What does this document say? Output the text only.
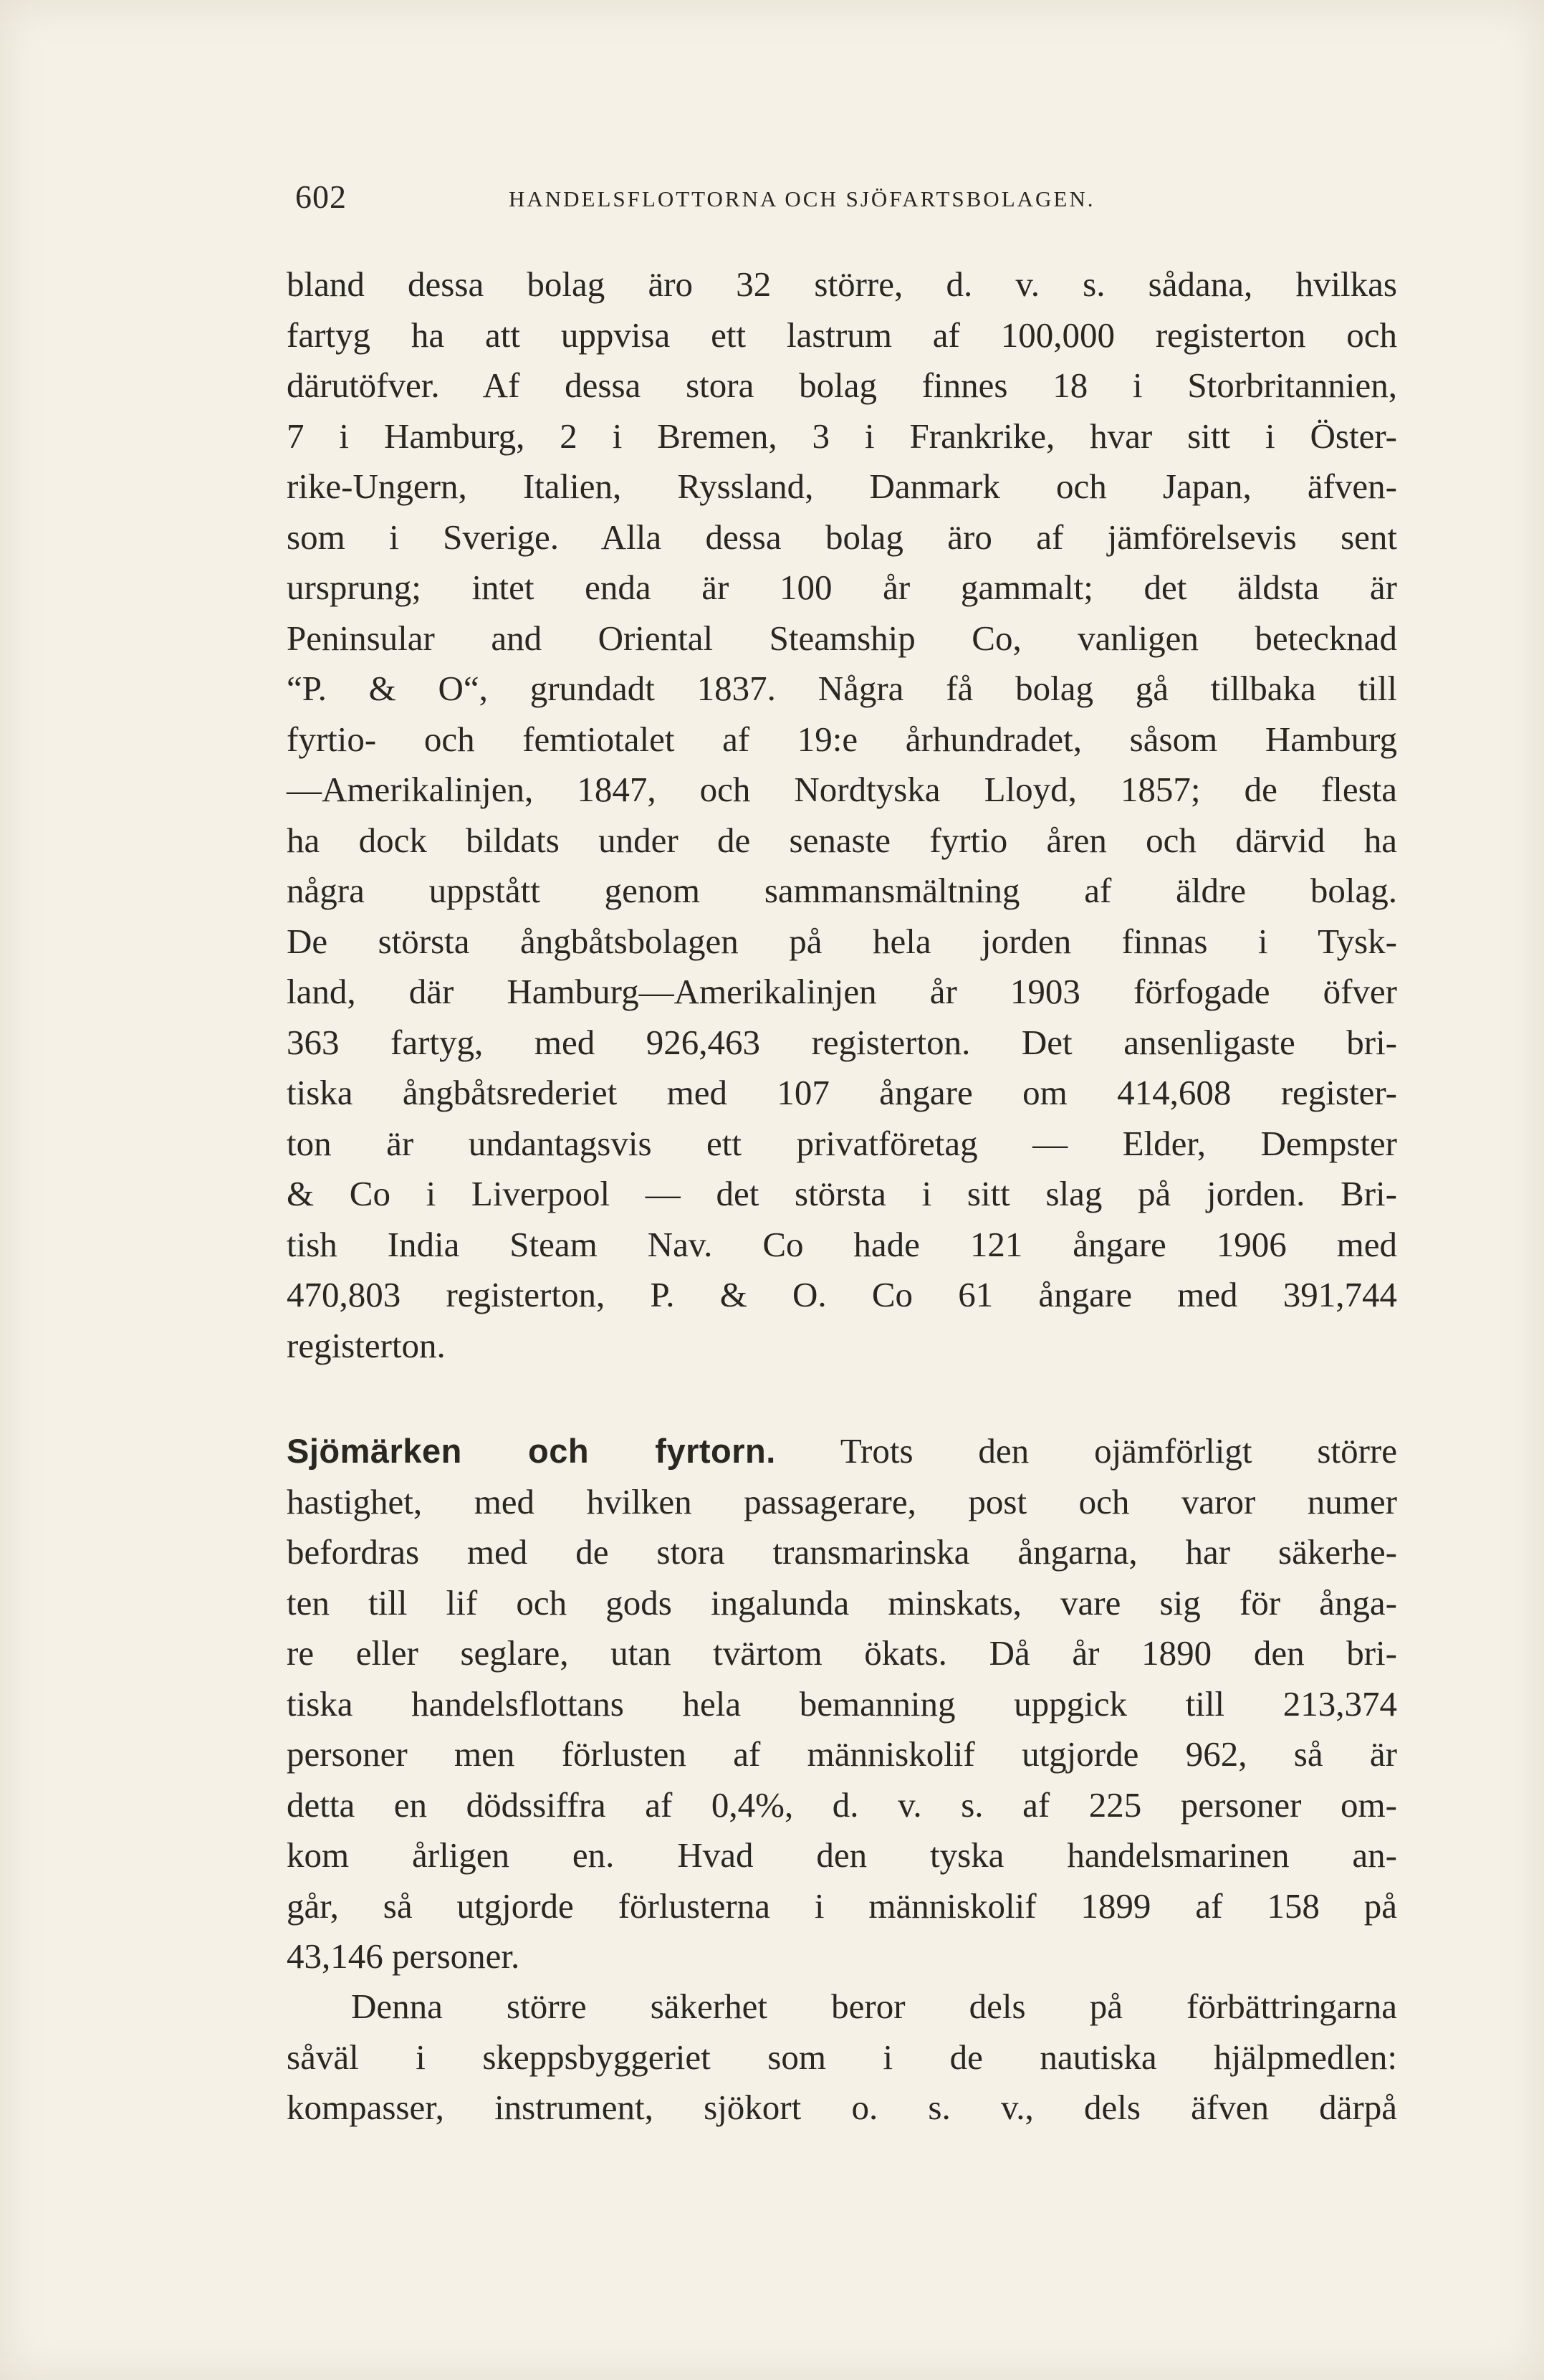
602	HANDELSFLOTTORNA OCH SJÖFARTSBOLAGEN.
bland dessa bolag äro 32 större, d. v. s. sådana, hvilkas
fartyg ha att uppvisa ett lastrum af 100,000 registerton och
därutöfver. Af dessa stora bolag finnes 18 i Storbritannien,
7 i Hamburg, 2 i Bremen, 3 i Frankrike, hvar sitt i Öster-
rike-Ungern, Italien, Ryssland, Danmark och Japan, äfven-
som i Sverige. Alla dessa bolag äro af jämförelsevis sent
ursprung; intet enda är 100 år gammalt; det äldsta är
Peninsular and Oriental Steamship Co, vanligen betecknad
“P. & O“, grundadt 1837. Några få bolag gå tillbaka till
fyrtio- och femtiotalet af 19:e århundradet, såsom Hamburg
—Amerikalinjen, 1847, och Nordtyska Lloyd, 1857; de flesta
ha dock bildats under de senaste fyrtio åren och därvid ha
några uppstått genom sammansmältning af äldre bolag.
De största ångbåtsbolagen på hela jorden finnas i Tysk-
land, där Hamburg—Amerikalinjen år 1903 förfogade öfver
363 fartyg, med 926,463 registerton. Det ansenligaste bri-
tiska ångbåtsrederiet med 107 ångare om 414,608 register-
ton är undantagsvis ett privatföretag — Elder, Dempster
& Co i Liverpool — det största i sitt slag på jorden. Bri-
tish India Steam Nav. Co hade 121 ångare 1906 med
470,803 registerton, P. & O. Co 61 ångare med 391,744
registerton.
Sjömärken och fyrtorn. Trots den ojämförligt större
hastighet, med hvilken passagerare, post och varor numer
befordras med de stora transmarinska ångarna, har säkerhe-
ten till lif och gods ingalunda minskats, vare sig för ånga-
re eller seglare, utan tvärtom ökats. Då år 1890 den bri-
tiska handelsflottans hela bemanning uppgick till 213,374
personer men förlusten af människolif utgjorde 962, så är
detta en dödssiffra af 0,4%, d. v. s. af 225 personer om-
kom årligen en. Hvad den tyska handelsmarinen an-
går, så utgjorde förlusterna i människolif 1899 af 158 på
43,146 personer.
Denna större säkerhet beror dels på förbättringarna
såväl i skeppsbyggeriet som i de nautiska hjälpmedlen:
kompasser, instrument, sjökort o. s. v., dels äfven därpå
